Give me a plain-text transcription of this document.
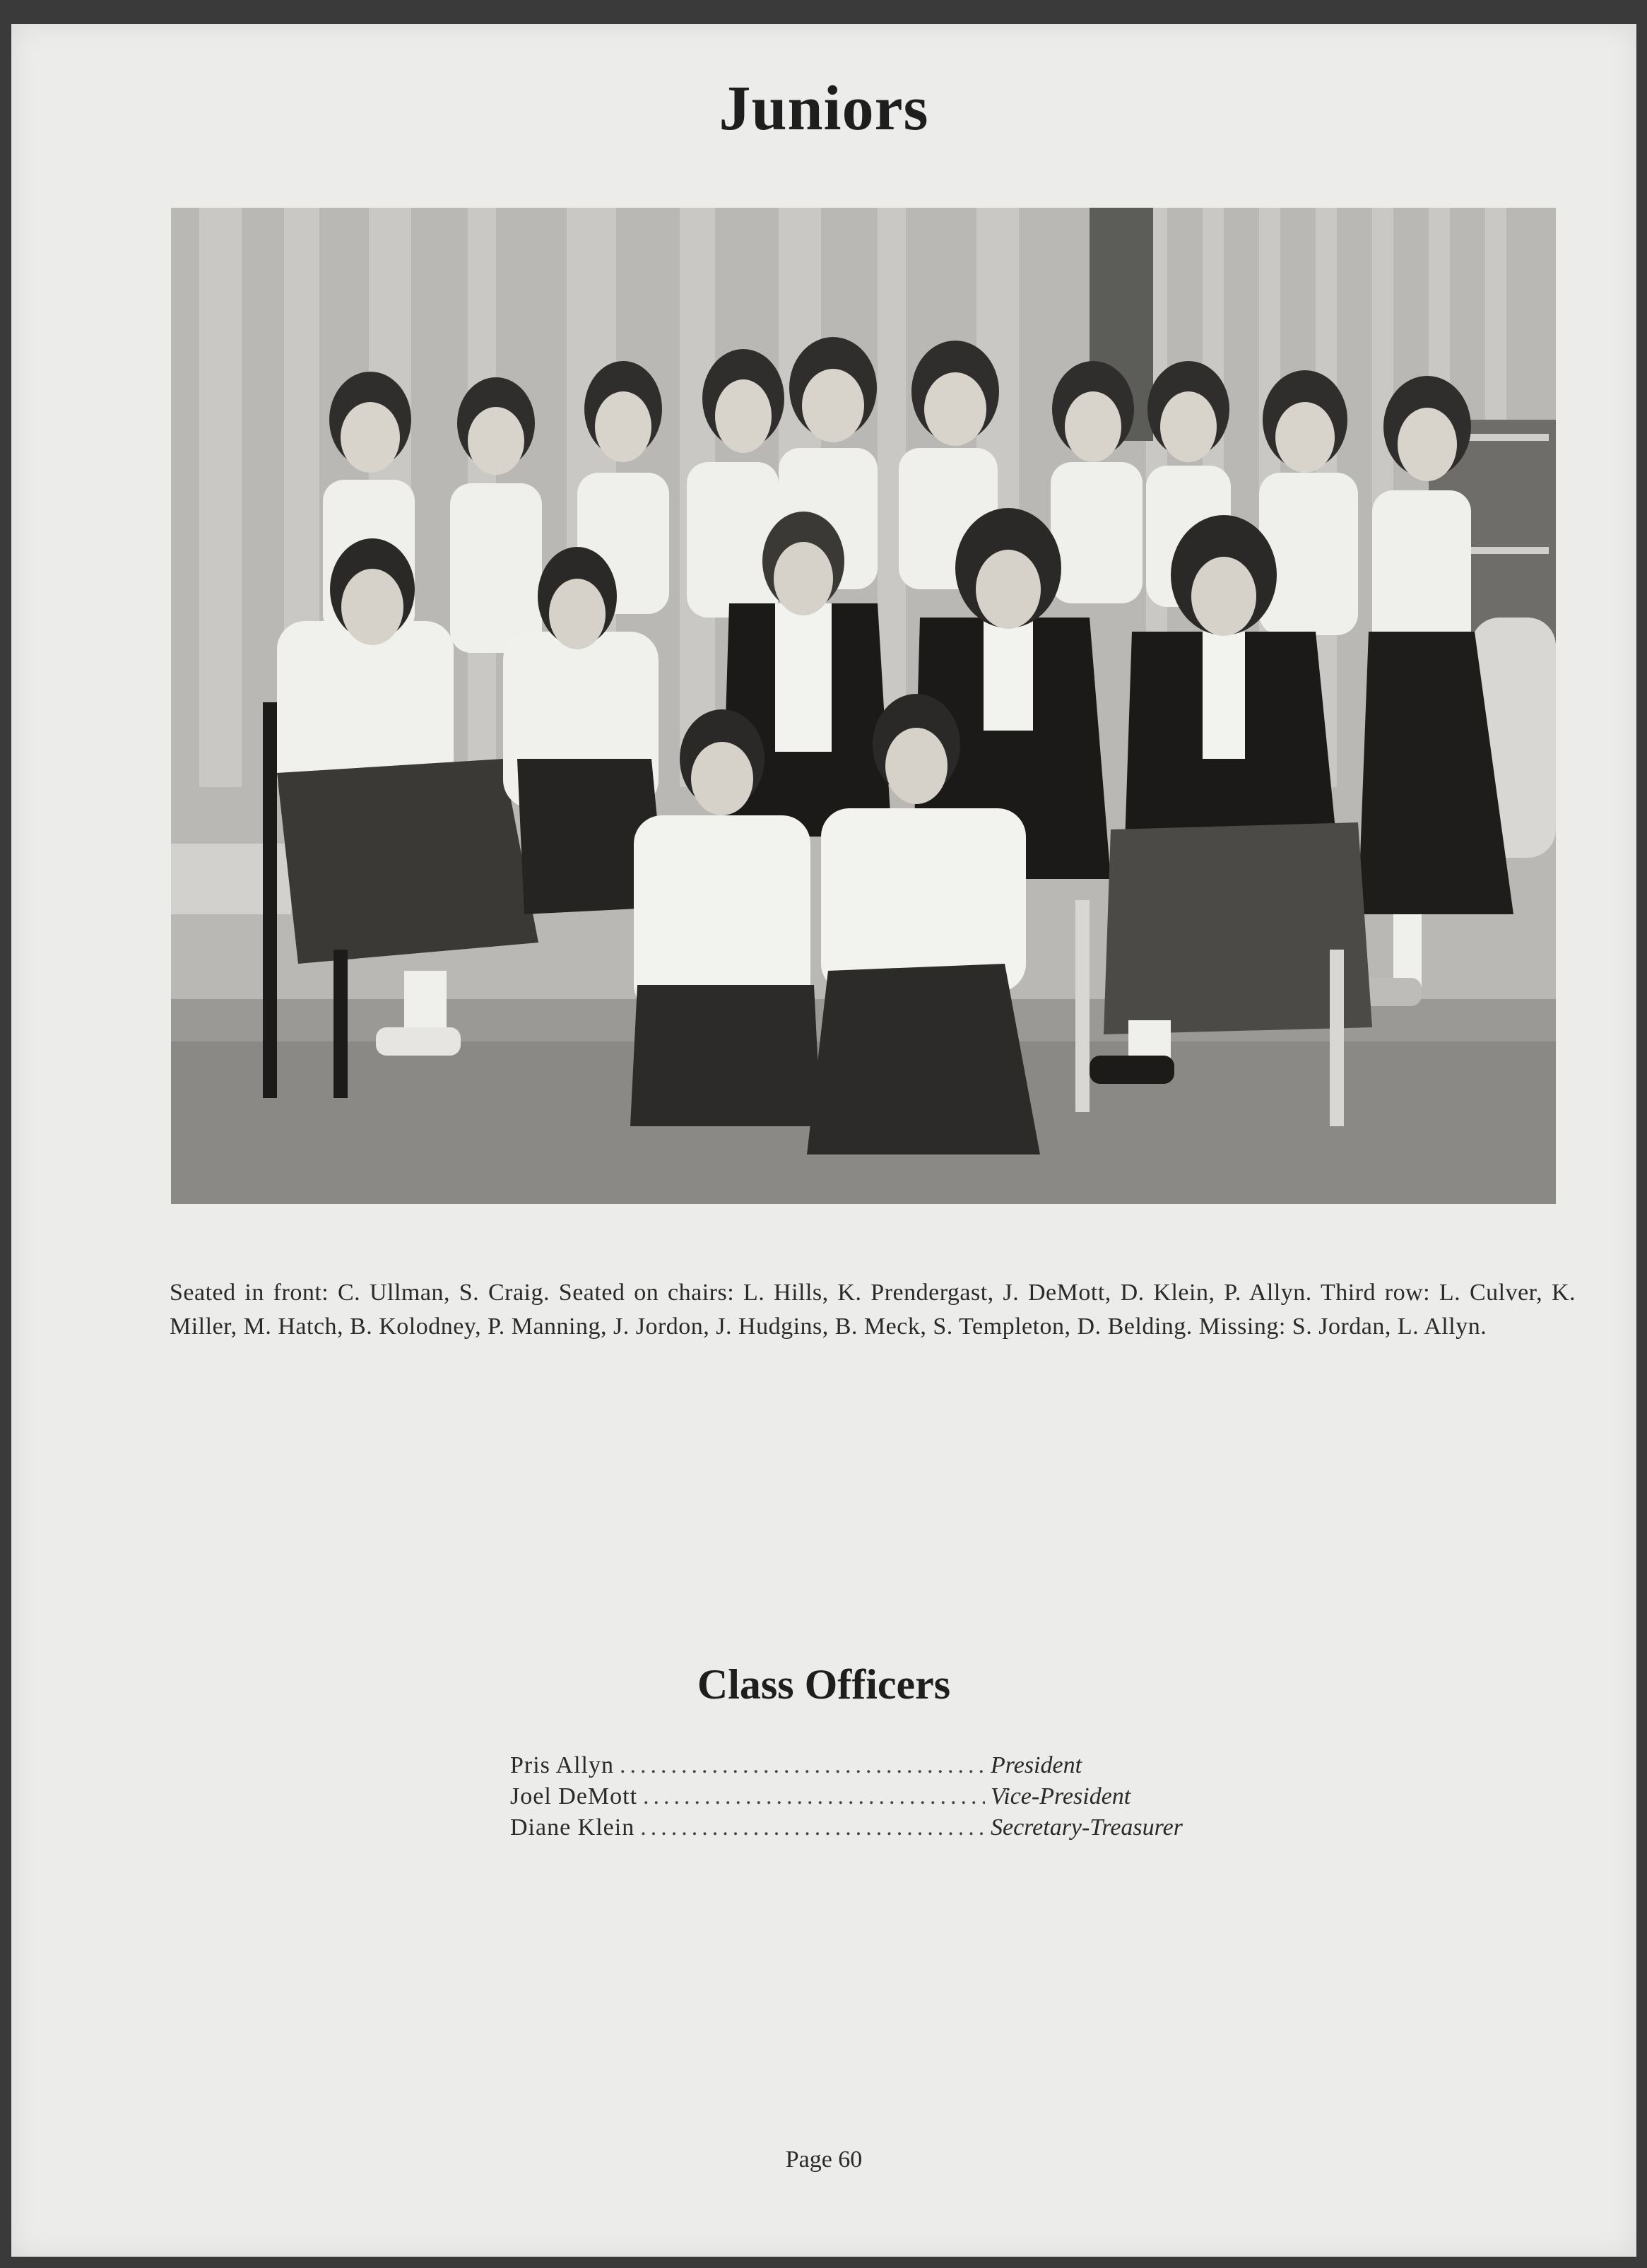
Juniors
Seated in front: C. Ullman, S. Craig. Seated on chairs: L. Hills, K. Prendergast, J. DeMott, D. Klein, P. Allyn. Third row: L. Culver, K. Miller, M. Hatch, B. Kolodney, P. Manning, J. Jordon, J. Hudgins, B. Meck, S. Templeton, D. Belding. Missing: S. Jordan, L. Allyn.
Class Officers
Pris Allyn .....	President
Joel DeMott .....	Vice-President
Diane Klein .....	Secretary-Treasurer
Page 60
